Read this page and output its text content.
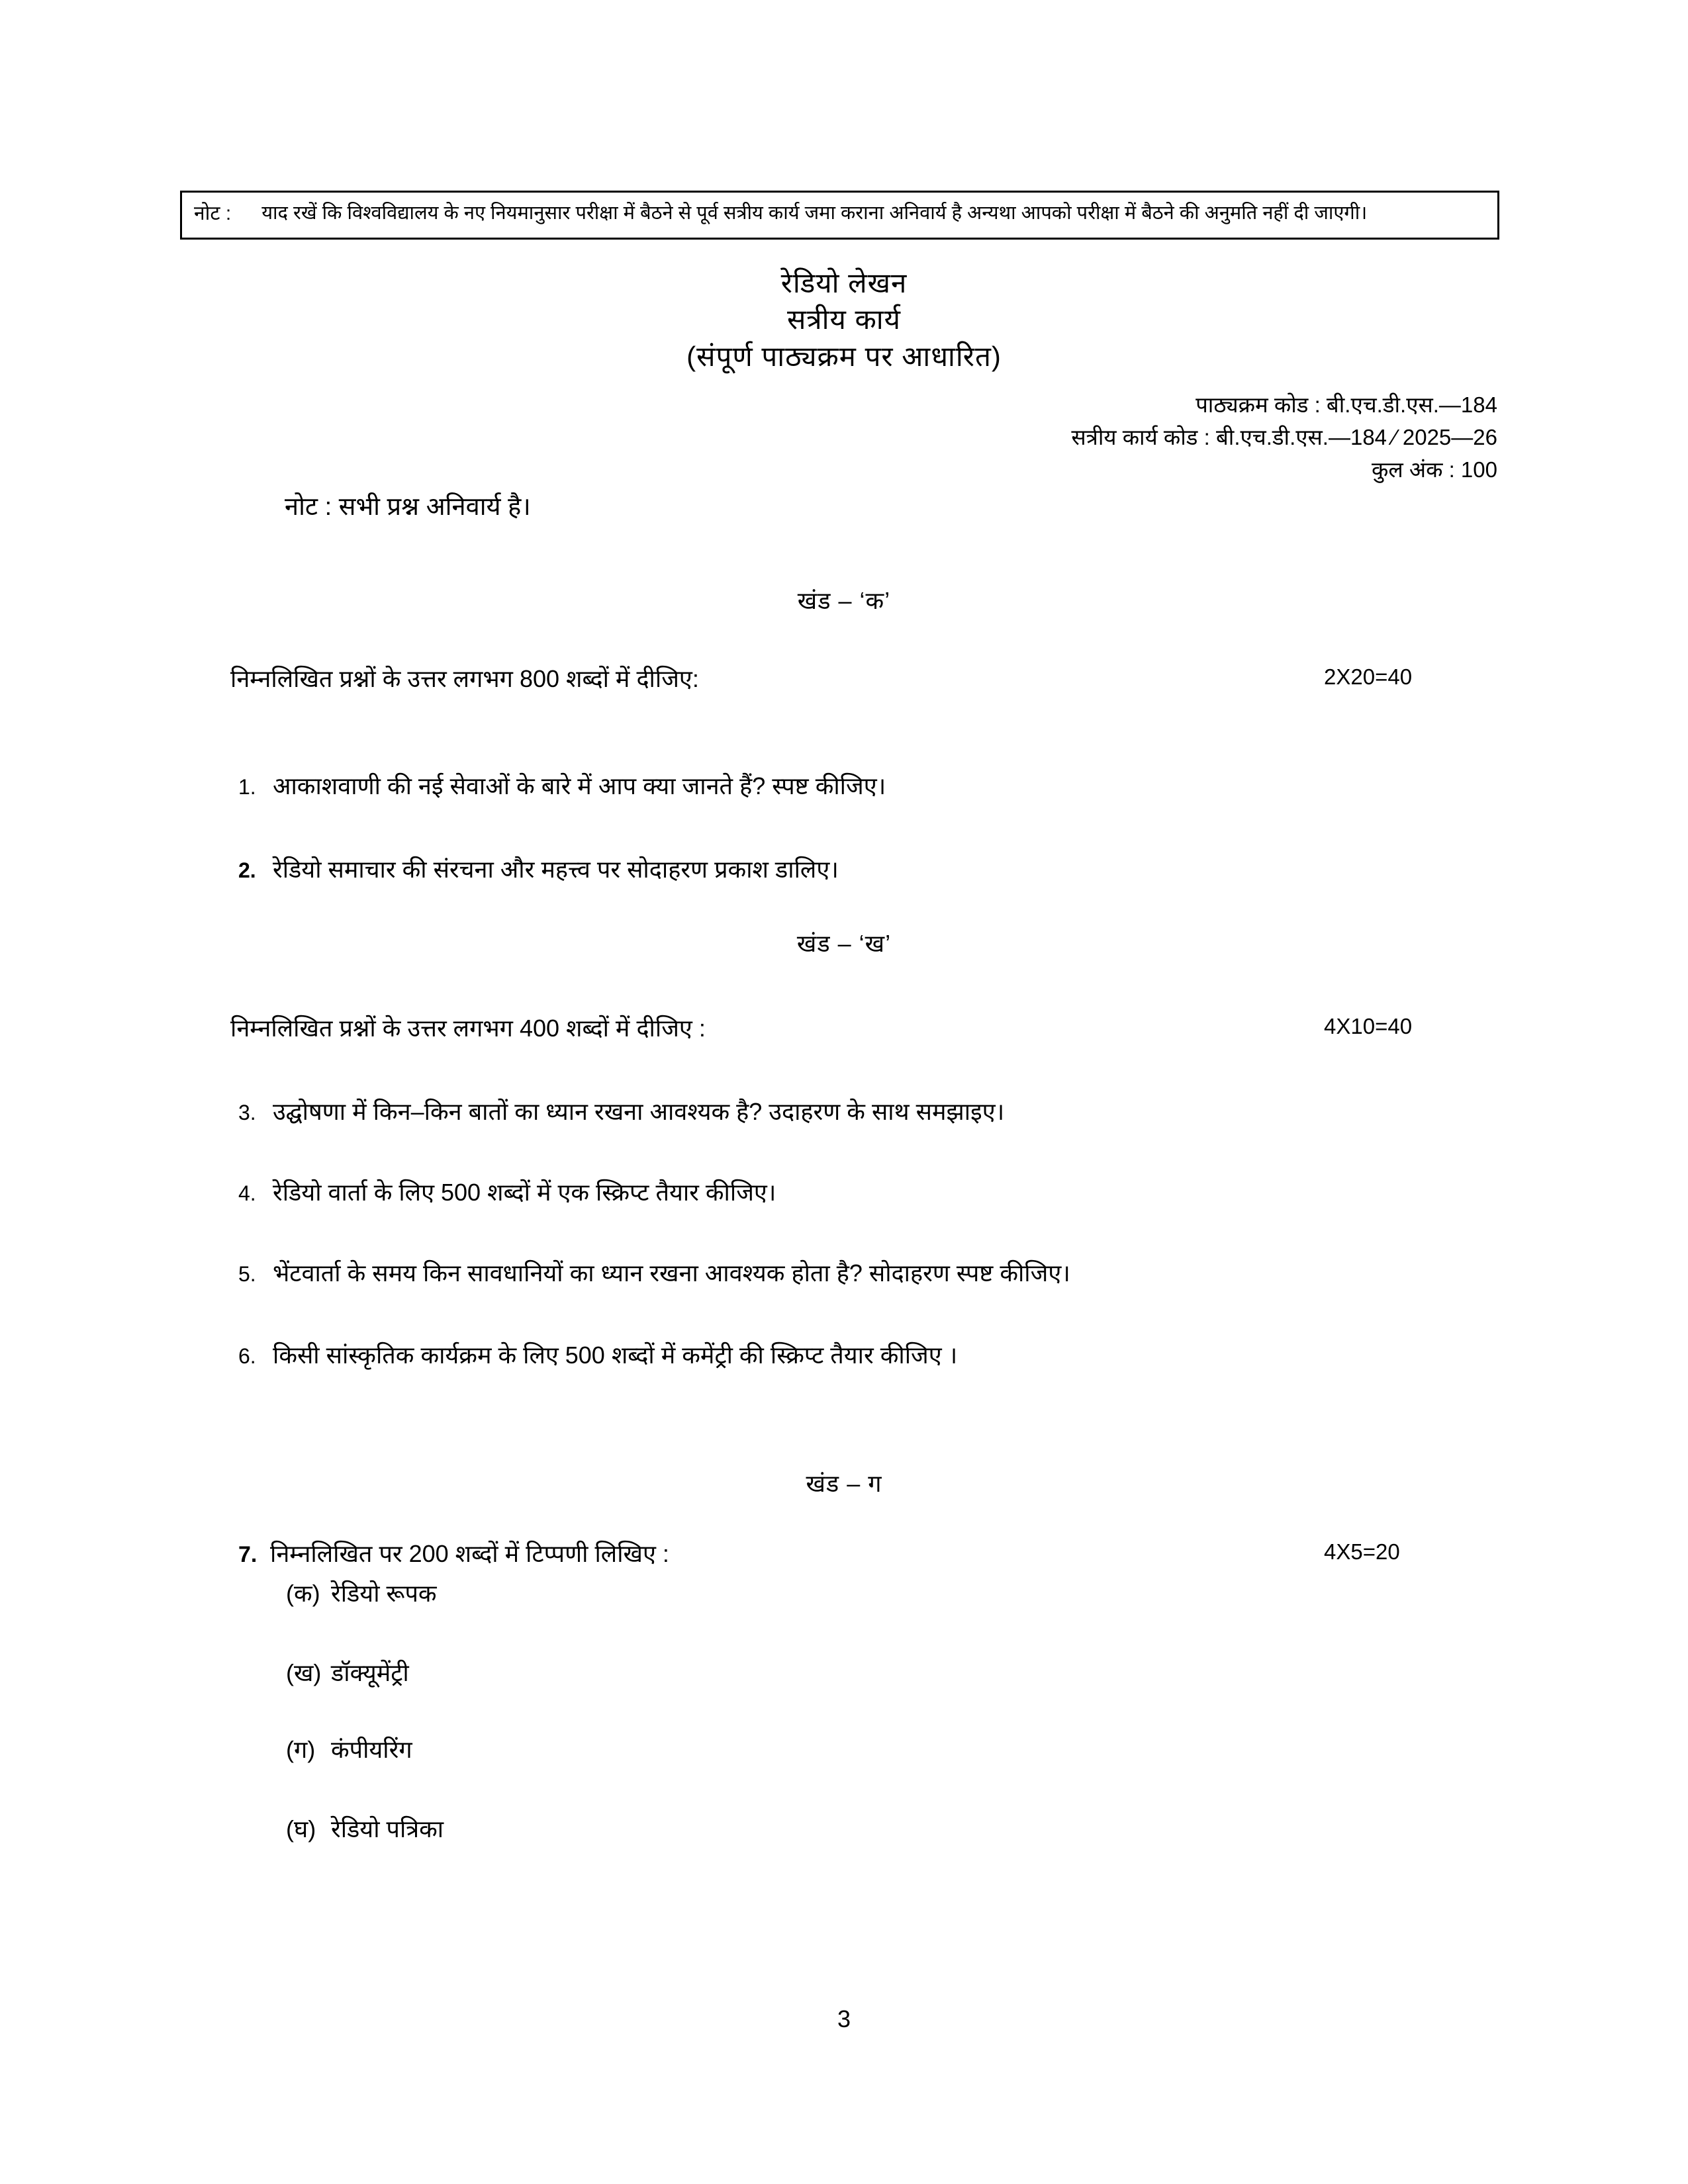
नोट :	याद रखें कि विश्वविद्यालय के नए नियमानुसार परीक्षा में बैठने से पूर्व सत्रीय कार्य जमा कराना अनिवार्य है अन्यथा आपको परीक्षा में बैठने की अनुमति नहीं दी जाएगी।
रेडियो लेखन
सत्रीय कार्य
(संपूर्ण पाठ्यक्रम पर आधारित)
पाठ्यक्रम कोड : बी.एच.डी.एस.—184
सत्रीय कार्य कोड : बी.एच.डी.एस.—184 ⁄ 2025—26
कुल अंक : 100
नोट : सभी प्रश्न अनिवार्य है।
खंड – ‘क’
निम्नलिखित प्रश्नों के उत्तर लगभग 800 शब्दों में दीजिए:	2X20=40
1. आकाशवाणी की नई सेवाओं के बारे में आप क्या जानते हैं? स्पष्ट कीजिए।
2. रेडियो समाचार की संरचना और महत्त्व पर सोदाहरण प्रकाश डालिए।
खंड – ‘ख’
निम्नलिखित प्रश्नों के उत्तर लगभग 400 शब्दों में दीजिए :	4X10=40
3. उद्घोषणा में किन–किन बातों का ध्यान रखना आवश्यक है? उदाहरण के साथ समझाइए।
4. रेडियो वार्ता के लिए 500 शब्दों में एक स्क्रिप्ट तैयार कीजिए।
5. भेंटवार्ता के समय किन सावधानियों का ध्यान रखना आवश्यक होता है? सोदाहरण स्पष्ट कीजिए।
6. किसी सांस्कृतिक कार्यक्रम के लिए 500 शब्दों में कमेंट्री की स्क्रिप्ट तैयार कीजिए ।
खंड – ग
7. निम्नलिखित पर 200 शब्दों में टिप्पणी लिखिए :	4X5=20
(क) रेडियो रूपक
(ख) डॉक्यूमेंट्री
(ग) कंपीयरिंग
(घ) रेडियो पत्रिका
3
